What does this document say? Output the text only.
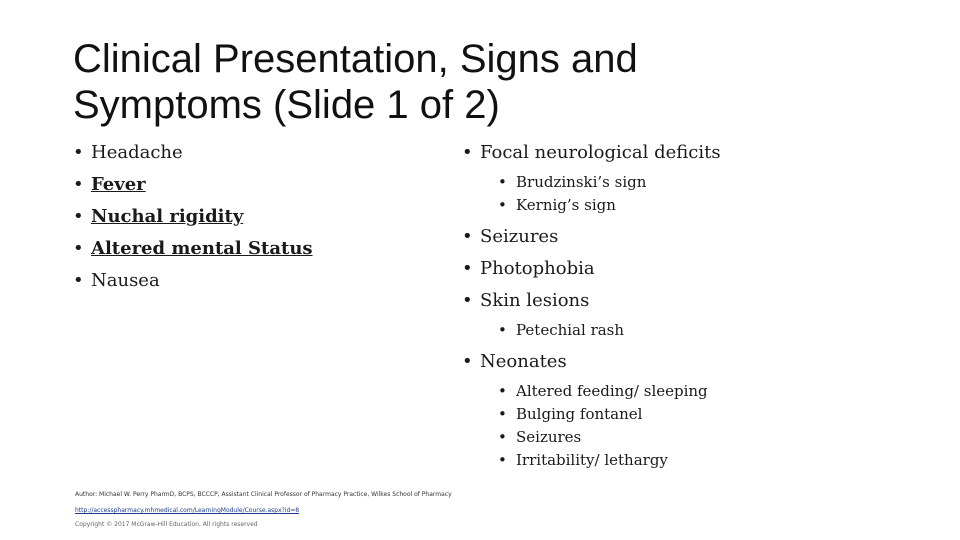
Clinical Presentation, Signs and
Symptoms (Slide 1 of 2)
• Headache
• Fever
• Nuchal rigidity
• Altered mental Status
• Nausea
• Focal neurological deficits
• Brudzinski’s sign
• Kernig’s sign
• Seizures
• Photophobia
• Skin lesions
• Petechial rash
• Neonates
• Altered feeding/ sleeping
• Bulging fontanel
• Seizures
• Irritability/ lethargy
Author: Michael W. Perry PharmD, BCPS, BCCCP, Assistant Clinical Professor of Pharmacy Practice, Wilkes School of Pharmacy
http://accesspharmacy.mhmedical.com/LearningModule/Course.aspx?id=8
Copyright © 2017 McGraw-Hill Education. All rights reserved
